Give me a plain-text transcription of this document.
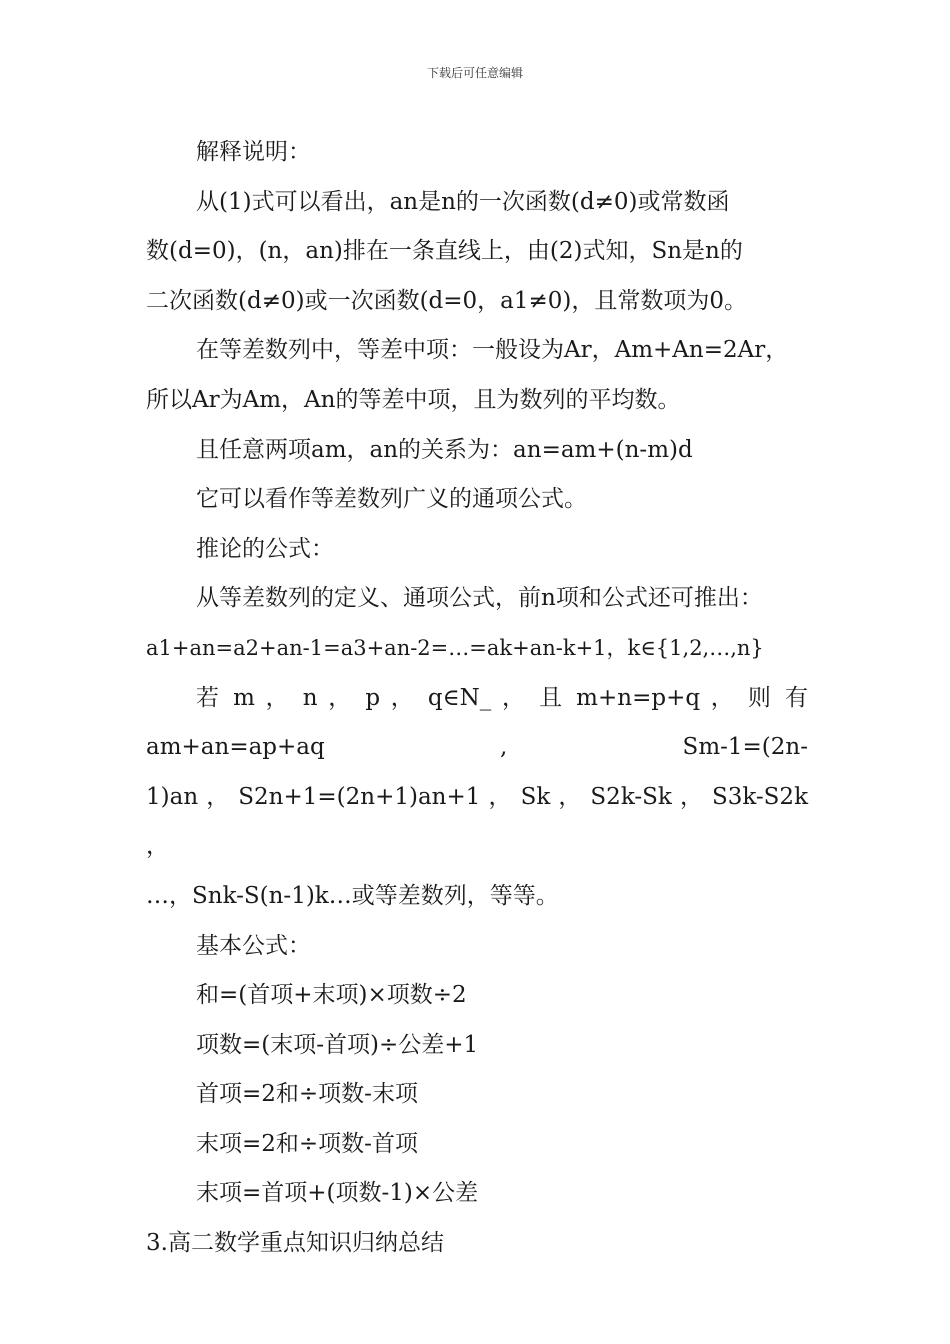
下载后可任意编辑

解释说明：

从(1)式可以看出，an是n的一次函数(d≠0)或常数函

数(d=0)，(n，an)排在一条直线上，由(2)式知，Sn是n的

二次函数(d≠0)或一次函数(d=0，a1≠0)，且常数项为0。

在等差数列中，等差中项：一般设为Ar，Am+An=2Ar，

所以Ar为Am，An的等差中项，且为数列的平均数。

且任意两项am，an的关系为：an=am+(n-m)d

它可以看作等差数列广义的通项公式。

推论的公式：

从等差数列的定义、通项公式，前n项和公式还可推出：

a1+an=a2+an-1=a3+an-2=…=ak+an-k+1，k∈{1,2,…,n}

若 m ， n ， p ， q∈N_ ， 且 m+n=p+q ， 则 有

am+an=ap+aq , Sm-1=(2n-

1)an ， S2n+1=(2n+1)an+1 ， Sk ， S2k-Sk ， S3k-S2k ，

…，Snk-S(n-1)k…或等差数列，等等。

基本公式：

和=(首项+末项)×项数÷2

项数=(末项-首项)÷公差+1

首项=2和÷项数-末项

末项=2和÷项数-首项

末项=首项+(项数-1)×公差

3.高二数学重点知识归纳总结
